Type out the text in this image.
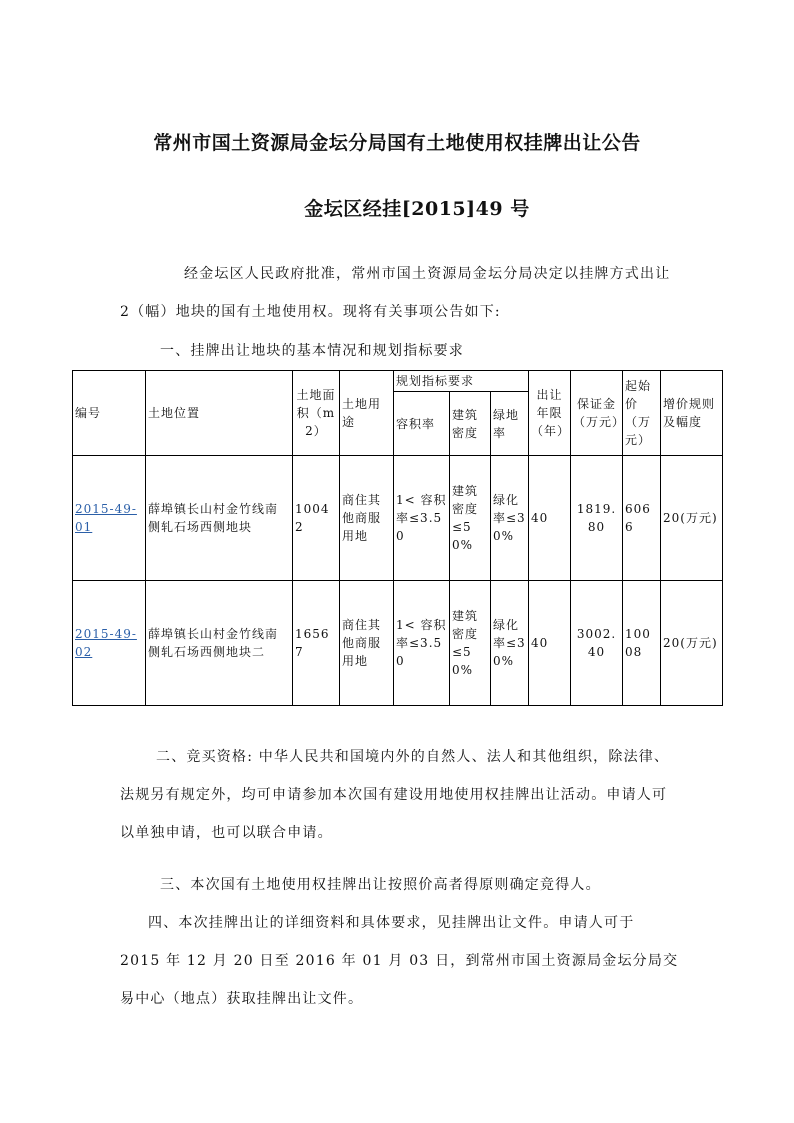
常州市国土资源局金坛分局国有土地使用权挂牌出让公告
金坛区经挂[2015]49 号
经金坛区人民政府批准，常州市国土资源局金坛分局决定以挂牌方式出让 2（幅）地块的国有土地使用权。现将有关事项公告如下:
一、挂牌出让地块的基本情况和规划指标要求
编号	土地位置	土地面积（m2）	土地用途	规划指标要求			出让年限（年）	保证金（万元）	起始价（万元）	增价规则及幅度
				容积率	建筑密度	绿地率				
2015-49-01	薛埠镇长山村金竹线南侧轧石场西侧地块	10042	商住其他商服用地	1< 容积率≤3.50	建筑密度≤50%	绿化率≤30%	40	1819.80	6066	20(万元)
2015-49-02	薛埠镇长山村金竹线南侧轧石场西侧地块二	16567	商住其他商服用地	1< 容积率≤3.50	建筑密度≤50%	绿化率≤30%	40	3002.40	10008	20(万元)
二、竞买资格: 中华人民共和国境内外的自然人、法人和其他组织，除法律、法规另有规定外，均可申请参加本次国有建设用地使用权挂牌出让活动。申请人可以单独申请，也可以联合申请。
三、本次国有土地使用权挂牌出让按照价高者得原则确定竞得人。
四、本次挂牌出让的详细资料和具体要求，见挂牌出让文件。申请人可于 2015 年 12 月 20 日至 2016 年 01 月 03 日，到常州市国土资源局金坛分局交易中心（地点）获取挂牌出让文件。
